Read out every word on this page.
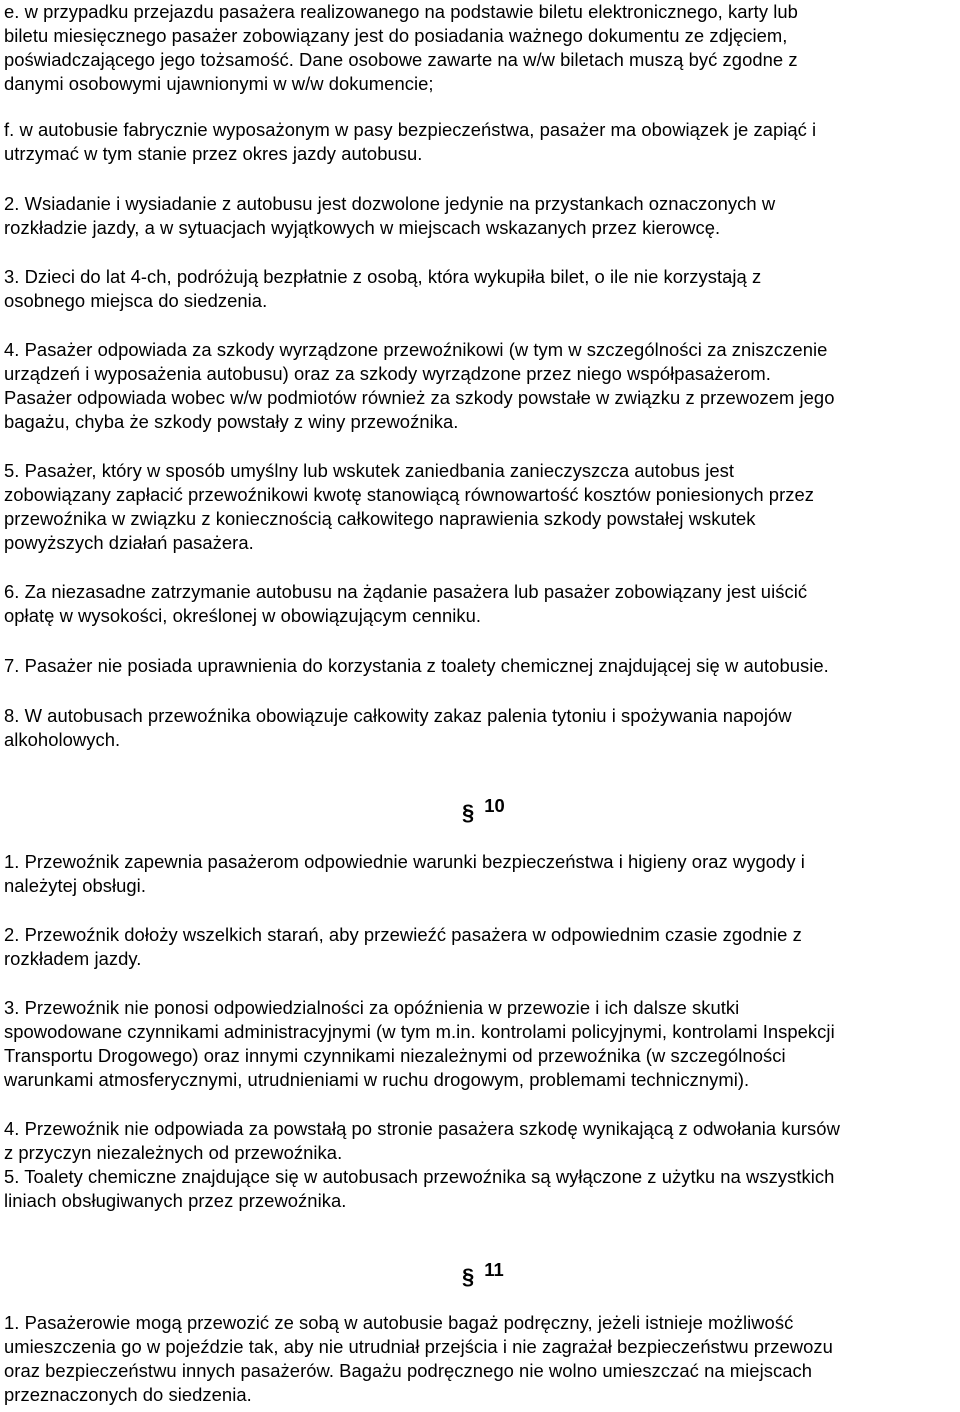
e. w przypadku przejazdu pasażera realizowanego na podstawie biletu elektronicznego, karty lub
biletu miesięcznego pasażer zobowiązany jest do posiadania ważnego dokumentu ze zdjęciem,
poświadczającego jego tożsamość. Dane osobowe zawarte na w/w biletach muszą być zgodne z
danymi osobowymi ujawnionymi w w/w dokumencie;
f. w autobusie fabrycznie wyposażonym w pasy bezpieczeństwa, pasażer ma obowiązek je zapiąć i
utrzymać w tym stanie przez okres jazdy autobusu.
2. Wsiadanie i wysiadanie z autobusu jest dozwolone jedynie na przystankach oznaczonych w
rozkładzie jazdy, a w sytuacjach wyjątkowych w miejscach wskazanych przez kierowcę.
3. Dzieci do lat 4-ch, podróżują bezpłatnie z osobą, która wykupiła bilet, o ile nie korzystają z
osobnego miejsca do siedzenia.
4. Pasażer odpowiada za szkody wyrządzone przewoźnikowi (w tym w szczególności za zniszczenie
urządzeń i wyposażenia autobusu) oraz za szkody wyrządzone przez niego współpasażerom.
Pasażer odpowiada wobec w/w podmiotów również za szkody powstałe w związku z przewozem jego
bagażu, chyba że szkody powstały z winy przewoźnika.
5. Pasażer, który w sposób umyślny lub wskutek zaniedbania zanieczyszcza autobus jest
zobowiązany zapłacić przewoźnikowi kwotę stanowiącą równowartość kosztów poniesionych przez
przewoźnika w związku z koniecznością całkowitego naprawienia szkody powstałej wskutek
powyższych działań pasażera.
6. Za niezasadne zatrzymanie autobusu na żądanie pasażera lub pasażer zobowiązany jest uiścić
opłatę w wysokości, określonej w obowiązującym cenniku.
7. Pasażer nie posiada uprawnienia do korzystania z toalety chemicznej znajdującej się w autobusie.
8. W autobusach przewoźnika obowiązuje całkowity zakaz palenia tytoniu i spożywania napojów
alkoholowych.
§ 10
1. Przewoźnik zapewnia pasażerom odpowiednie warunki bezpieczeństwa i higieny oraz wygody i
należytej obsługi.
2. Przewoźnik dołoży wszelkich starań, aby przewieźć pasażera w odpowiednim czasie zgodnie z
rozkładem jazdy.
3. Przewoźnik nie ponosi odpowiedzialności za opóźnienia w przewozie i ich dalsze skutki
spowodowane czynnikami administracyjnymi (w tym m.in. kontrolami policyjnymi, kontrolami Inspekcji
Transportu Drogowego) oraz innymi czynnikami niezależnymi od przewoźnika (w szczególności
warunkami atmosferycznymi, utrudnieniami w ruchu drogowym, problemami technicznymi).
4. Przewoźnik nie odpowiada za powstałą po stronie pasażera szkodę wynikającą z odwołania kursów
z przyczyn niezależnych od przewoźnika.
5. Toalety chemiczne znajdujące się w autobusach przewoźnika są wyłączone z użytku na wszystkich
liniach obsługiwanych przez przewoźnika.
§ 11
1. Pasażerowie mogą przewozić ze sobą w autobusie bagaż podręczny, jeżeli istnieje możliwość
umieszczenia go w pojeździe tak, aby nie utrudniał przejścia i nie zagrażał bezpieczeństwu przewozu
oraz bezpieczeństwu innych pasażerów. Bagażu podręcznego nie wolno umieszczać na miejscach
przeznaczonych do siedzenia.
